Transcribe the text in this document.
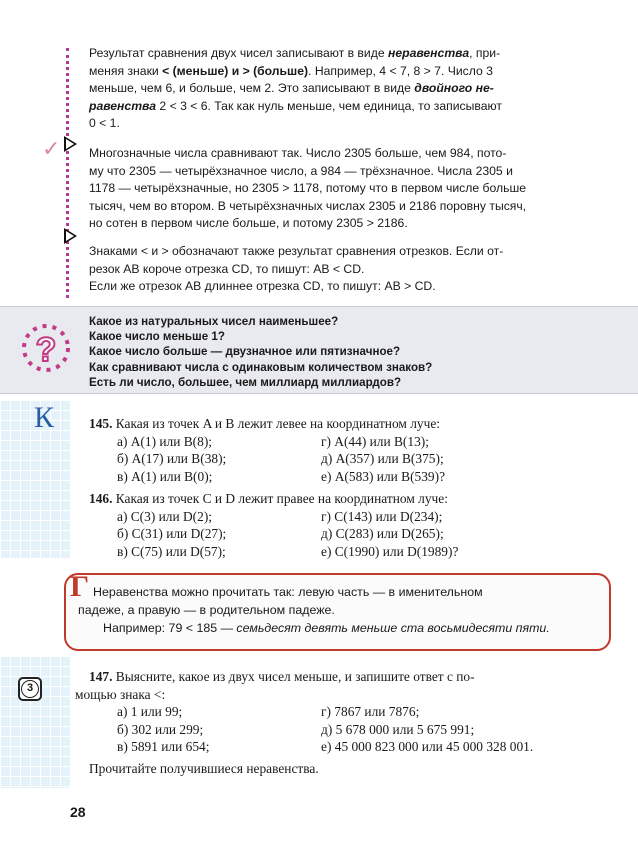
✓
Результат сравнения двух чисел записывают в виде неравенства, при-
меняя знаки < (меньше) и > (больше). Например, 4 < 7, 8 > 7. Число 3
меньше, чем 6, и больше, чем 2. Это записывают в виде двойного не-
равенства 2 < 3 < 6. Так как нуль меньше, чем единица, то записывают
0 < 1.
Многозначные числа сравнивают так. Число 2305 больше, чем 984, пото-
му что 2305 — четырёхзначное число, а 984 — трёхзначное. Числа 2305 и
1178 — четырёхзначные, но 2305 > 1178, потому что в первом числе больше
тысяч, чем во втором. В четырёхзначных числах 2305 и 2186 поровну тысяч,
но сотен в первом числе больше, и потому 2305 > 2186.
Знаками < и > обозначают также результат сравнения отрезков. Если от-
резок AB короче отрезка CD, то пишут: AB < CD.
Если же отрезок AB длиннее отрезка CD, то пишут: AB > CD.
?
Какое из натуральных чисел наименьшее?
Какое число меньше 1?
Какое число больше — двузначное или пятизначное?
Как сравнивают числа с одинаковым количеством знаков?
Есть ли число, большее, чем миллиард миллиардов?
К	145. Какая из точек A и B лежит левее на координатном луче:
а) A(1) или B(8);
б) A(17) или B(38);
в) A(1) или B(0);
г) A(44) или B(13);
д) A(357) или B(375);
е) A(583) или B(539)?
146. Какая из точек C и D лежит правее на координатном луче:
а) C(3) или D(2);
б) C(31) или D(27);
в) C(75) или D(57);
г) C(143) или D(234);
д) C(283) или D(265);
е) C(1990) или D(1989)?
Г Неравенства можно прочитать так: левую часть — в именительном
падеже, а правую — в родительном падеже.
Например: 79 < 185 — семьдесят девять меньше ста восьмидесяти пяти.
3
147. Выясните, какое из двух чисел меньше, и запишите ответ с по-
мощью знака <:
а) 1 или 99;
б) 302 или 299;
в) 5891 или 654;
г) 7867 или 7876;
д) 5 678 000 или 5 675 991;
е) 45 000 823 000 или 45 000 328 001.
Прочитайте получившиеся неравенства.
28
